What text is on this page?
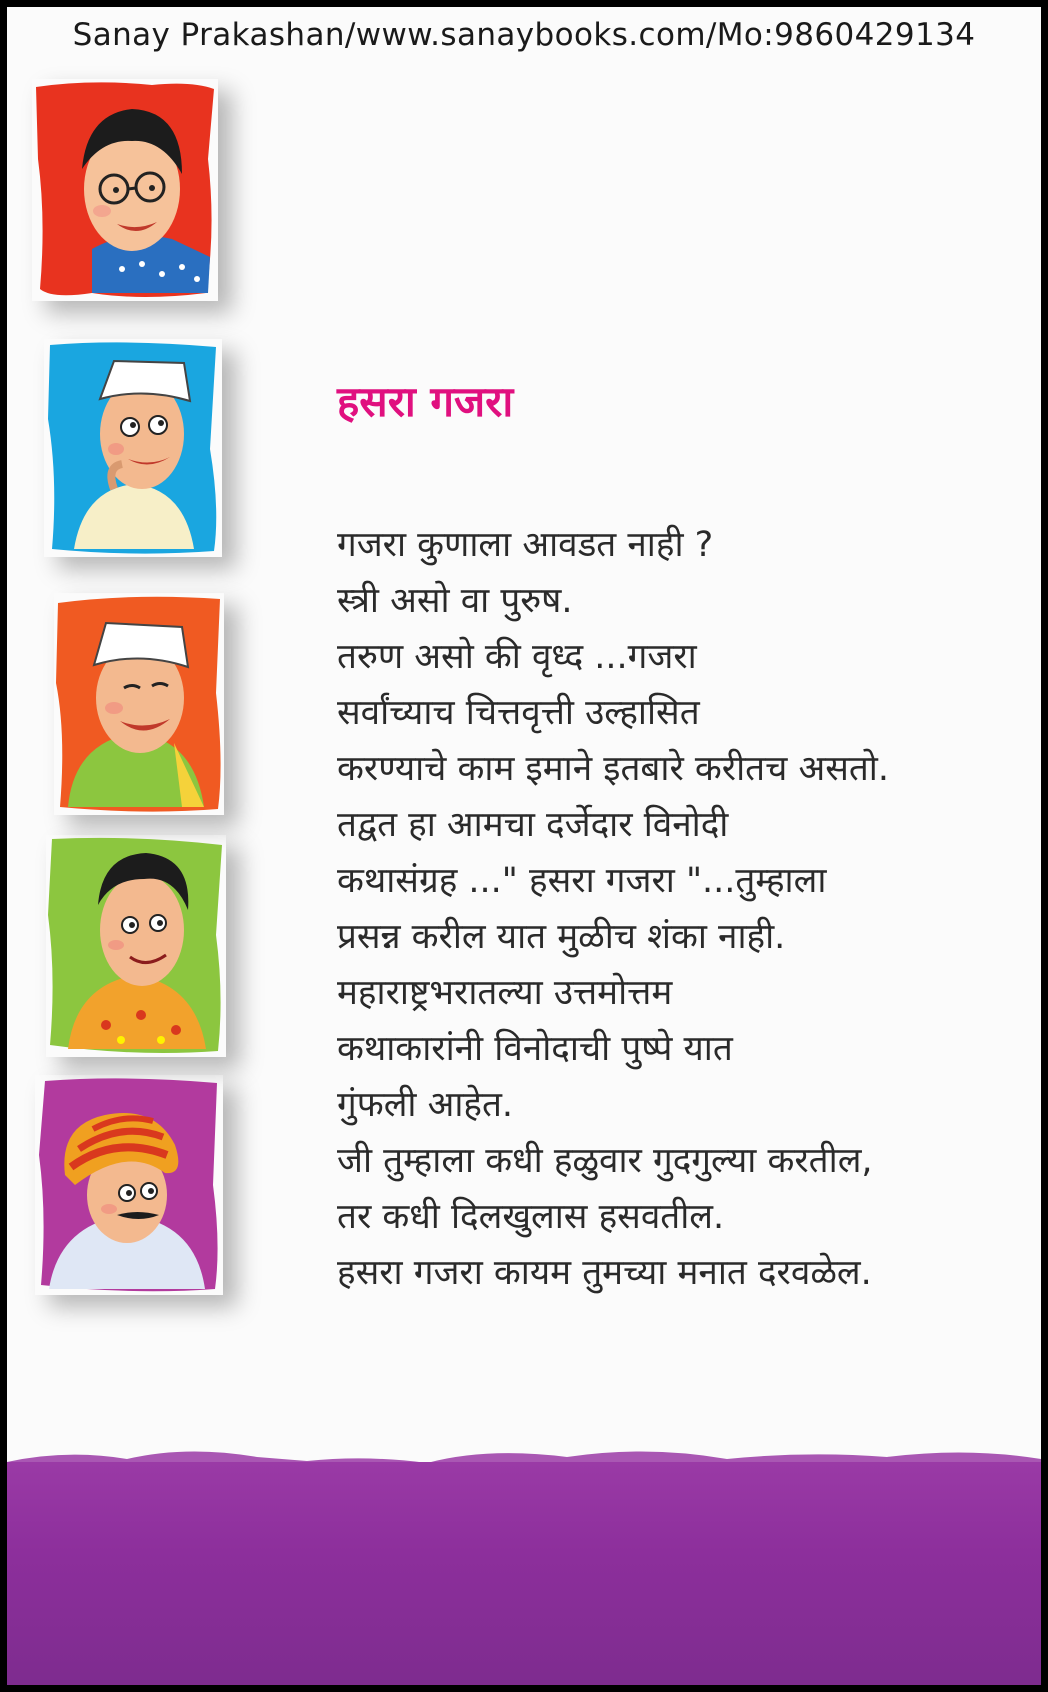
Sanay Prakashan/www.sanaybooks.com/Mo:9860429134
हसरा गजरा
गजरा कुणाला आवडत नाही ?
स्त्री असो वा पुरुष.
तरुण असो की वृध्द ...गजरा
सर्वांच्याच चित्तवृत्ती उल्हासित
करण्याचे काम इमाने इतबारे करीतच असतो.
तद्वत हा आमचा दर्जेदार विनोदी
कथासंग्रह ..." हसरा गजरा "...तुम्हाला
प्रसन्न करील यात मुळीच शंका नाही.
महाराष्ट्रभरातल्या उत्तमोत्तम
कथाकारांनी विनोदाची पुष्पे यात
गुंफली आहेत.
जी तुम्हाला कधी हळुवार गुदगुल्या करतील,
तर कधी दिलखुलास हसवतील.
हसरा गजरा कायम तुमच्या मनात दरवळेल.
